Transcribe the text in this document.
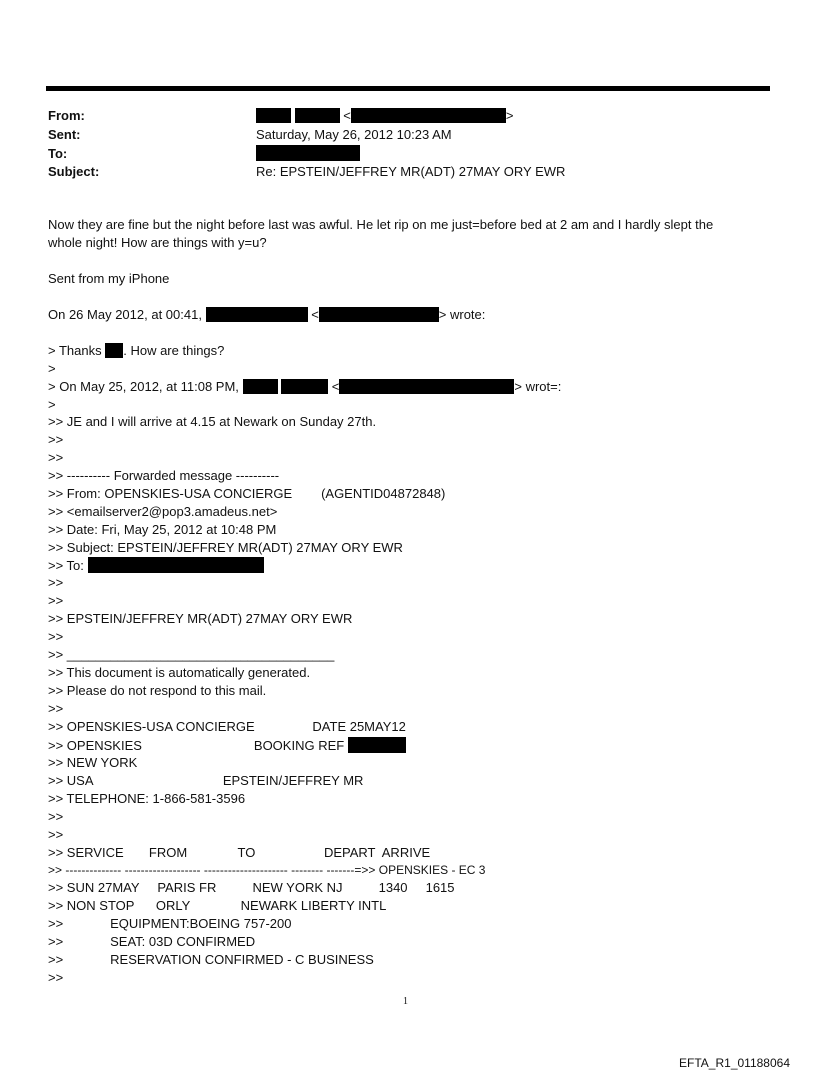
From:	<	>
Sent:	Saturday, May 26, 2012 10:23 AM
To:
Subject:	Re: EPSTEIN/JEFFREY MR(ADT) 27MAY ORY EWR
Now they are fine but the night before last was awful. He let rip on me just=before bed at 2 am and I hardly slept the
whole night! How are things with y=u?
Sent from my iPhone
On 26 May 2012, at 00:41,	<	> wrote:
> Thanks . How are things?
>
> On May 25, 2012, at 11:08 PM,	<	> wrot=:
>
>> JE and I will arrive at 4.15 at Newark on Sunday 27th.
>>
>>
>> ---------- Forwarded message ----------
>> From: OPENSKIES-USA CONCIERGE        (AGENTID04872848)
>> <emailserver2@pop3.amadeus.net>
>> Date: Fri, May 25, 2012 at 10:48 PM
>> Subject: EPSTEIN/JEFFREY MR(ADT) 27MAY ORY EWR
>> To:
>>
>>
>> EPSTEIN/JEFFREY MR(ADT) 27MAY ORY EWR
>>
>> _____________________________________
>> This document is automatically generated.
>> Please do not respond to this mail.
>>
>> OPENSKIES-USA CONCIERGE                DATE 25MAY12
>> OPENSKIES                               BOOKING REF
>> NEW YORK
>> USA                                    EPSTEIN/JEFFREY MR
>> TELEPHONE: 1-866-581-3596
>>
>>
>> SERVICE       FROM              TO                   DEPART  ARRIVE
>> -------------- ------------------- --------------------- -------- -------=>> OPENSKIES - EC 3
>> SUN 27MAY     PARIS FR          NEW YORK NJ          1340     1615
>> NON STOP      ORLY              NEWARK LIBERTY INTL
>>             EQUIPMENT:BOEING 757-200
>>             SEAT: 03D CONFIRMED
>>             RESERVATION CONFIRMED - C BUSINESS
>>
1
EFTA_R1_01188064
